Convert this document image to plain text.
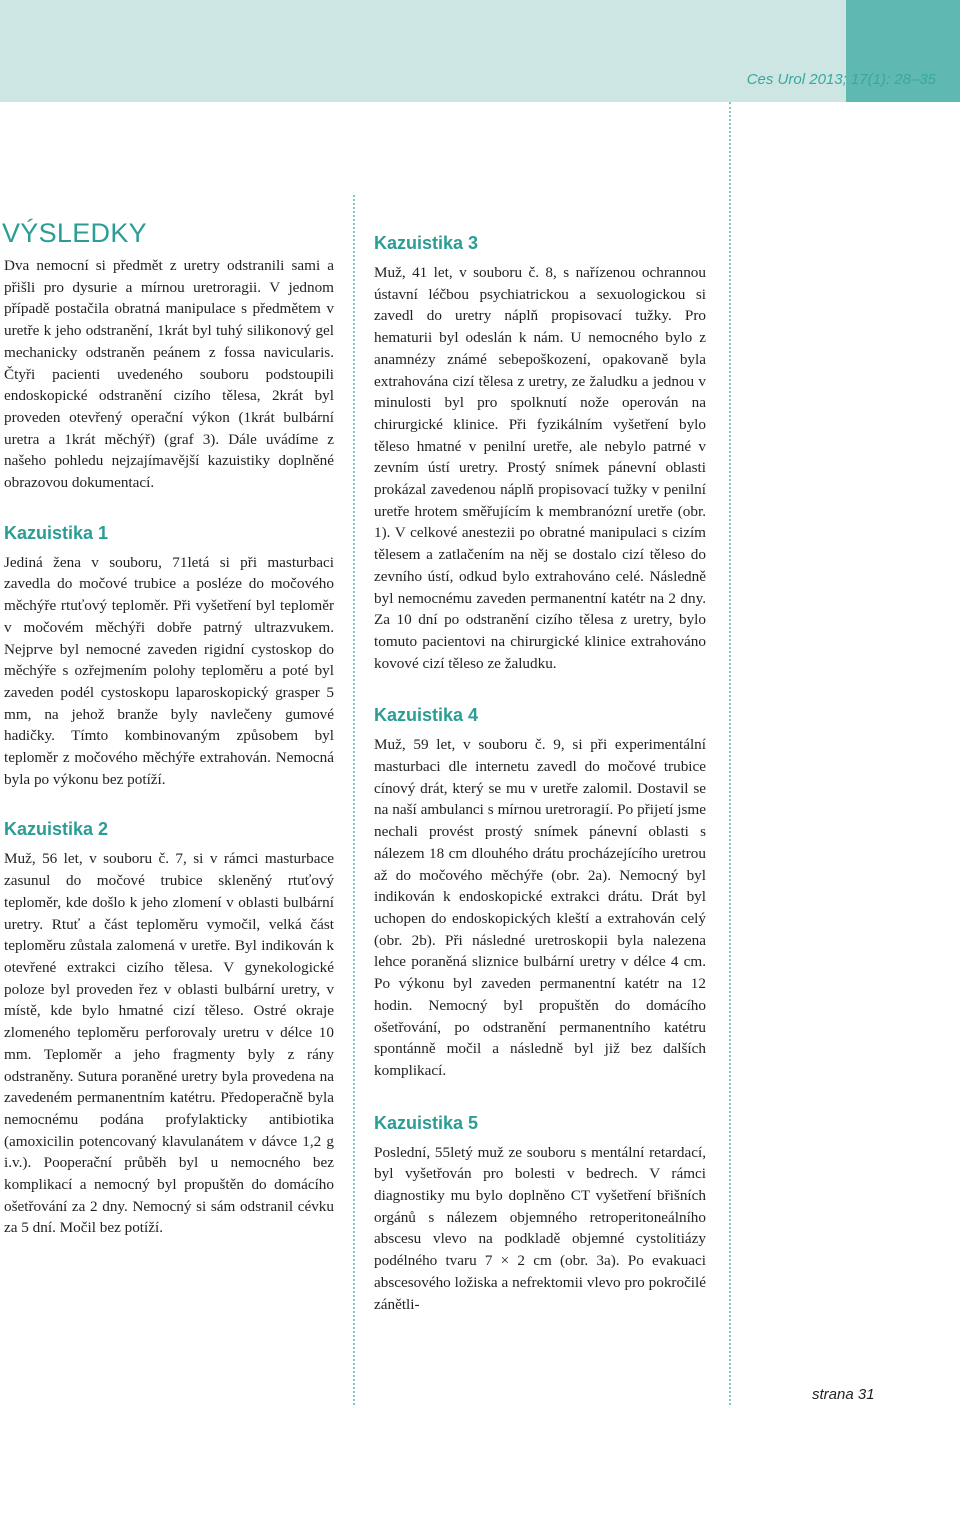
Ces Urol 2013; 17(1): 28–35
VÝSLEDKY

Dva nemocní si předmět z uretry odstranili sami a přišli pro dysurie a mírnou uretroragii. V jednom případě postačila obratná manipulace s předmětem v uretře k jeho odstranění, 1krát byl tuhý silikonový gel mechanicky odstraněn peánem z fossa navicularis. Čtyři pacienti uvedeného souboru podstoupili endoskopické odstranění cizího tělesa, 2krát byl proveden otevřený operační výkon (1krát bulbární uretra a 1krát měchýř) (graf 3). Dále uvádíme z našeho pohledu nejzajímavější kazuistiky doplněné obrazovou dokumentací.

Kazuistika 1

Jediná žena v souboru, 71letá si při masturbaci zavedla do močové trubice a posléze do močového měchýře rtuťový teploměr. Při vyšetření byl teploměr v močovém měchýři dobře patrný ultrazvukem. Nejprve byl nemocné zaveden rigidní cystoskop do měchýře s ozřejmením polohy teploměru a poté byl zaveden podél cystoskopu laparoskopický grasper 5 mm, na jehož branže byly navlečeny gumové hadičky. Tímto kombinovaným způsobem byl teploměr z močového měchýře extrahován. Nemocná byla po výkonu bez potíží.

Kazuistika 2

Muž, 56 let, v souboru č. 7, si v rámci masturbace zasunul do močové trubice skleněný rtuťový teploměr, kde došlo k jeho zlomení v oblasti bulbární uretry. Rtuť a část teploměru vymočil, velká část teploměru zůstala zalomená v uretře. Byl indikován k otevřené extrakci cizího tělesa. V gynekologické poloze byl proveden řez v oblasti bulbární uretry, v místě, kde bylo hmatné cizí těleso. Ostré okraje zlomeného teploměru perforovaly uretru v délce 10 mm. Teploměr a jeho fragmenty byly z rány odstraněny. Sutura poraněné uretry byla provedena na zavedeném permanentním katétru. Předoperačně byla nemocnému podána profylakticky antibiotika (amoxicilin potencovaný klavulanátem v dávce 1,2 g i.v.). Pooperační průběh byl u nemocného bez komplikací a nemocný byl propuštěn do domácího ošetřování za 2 dny. Nemocný si sám odstranil cévku za 5 dní. Močil bez potíží.

Kazuistika 3

Muž, 41 let, v souboru č. 8, s nařízenou ochrannou ústavní léčbou psychiatrickou a sexuologickou si zavedl do uretry náplň propisovací tužky. Pro hematurii byl odeslán k nám. U nemocného bylo z anamnézy známé sebepoškození, opakovaně byla extrahována cizí tělesa z uretry, ze žaludku a jednou v minulosti byl pro spolknutí nože operován na chirurgické klinice. Při fyzikálním vyšetření bylo těleso hmatné v penilní uretře, ale nebylo patrné v zevním ústí uretry. Prostý snímek pánevní oblasti prokázal zavedenou náplň propisovací tužky v penilní uretře hrotem směřujícím k membranózní uretře (obr. 1). V celkové anestezii po obratné manipulaci s cizím tělesem a zatlačením na něj se dostalo cizí těleso do zevního ústí, odkud bylo extrahováno celé. Následně byl nemocnému zaveden permanentní katétr na 2 dny. Za 10 dní po odstranění cizího tělesa z uretry, bylo tomuto pacientovi na chirurgické klinice extrahováno kovové cizí těleso ze žaludku.

Kazuistika 4

Muž, 59 let, v souboru č. 9, si při experimentální masturbaci dle internetu zavedl do močové trubice cínový drát, který se mu v uretře zalomil. Dostavil se na naší ambulanci s mírnou uretroragií. Po přijetí jsme nechali provést prostý snímek pánevní oblasti s nálezem 18 cm dlouhého drátu procházejícího uretrou až do močového měchýře (obr. 2a). Nemocný byl indikován k endoskopické extrakci drátu. Drát byl uchopen do endoskopických kleští a extrahován celý (obr. 2b). Při následné uretroskopii byla nalezena lehce poraněná sliznice bulbární uretry v délce 4 cm. Po výkonu byl zaveden permanentní katétr na 12 hodin. Nemocný byl propuštěn do domácího ošetřování, po odstranění permanentního katétru spontánně močil a následně byl již bez dalších komplikací.

Kazuistika 5

Poslední, 55letý muž ze souboru s mentální retardací, byl vyšetřován pro bolesti v bedrech. V rámci diagnostiky mu bylo doplněno CT vyšetření břišních orgánů s nálezem objemného retroperitoneálního abscesu vlevo na podkladě objemné cystolitiázy podélného tvaru 7 × 2 cm (obr. 3a). Po evakuaci abscesového ložiska a nefrektomii vlevo pro pokročilé zánětli-

strana 31
